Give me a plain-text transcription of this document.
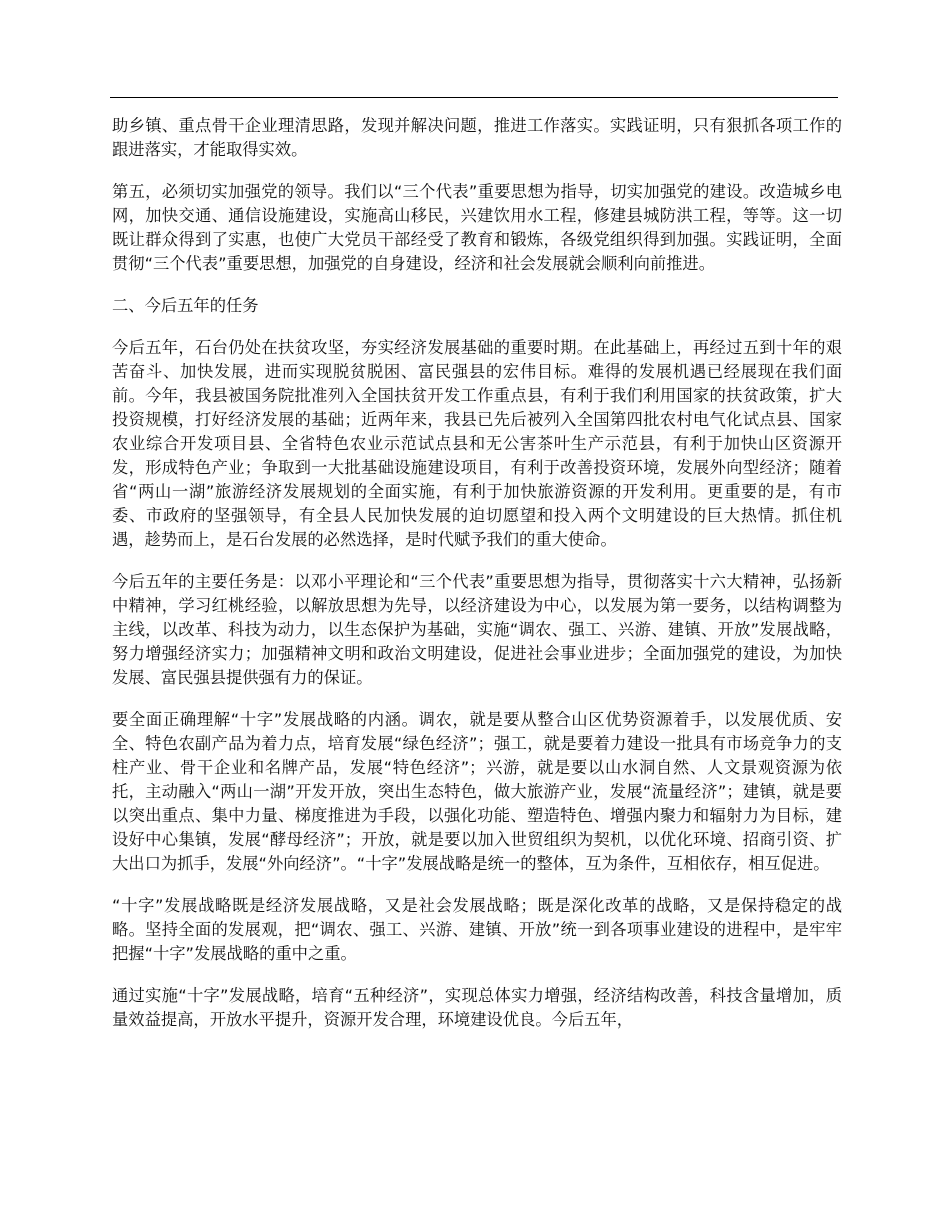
助乡镇、重点骨干企业理清思路，发现并解决问题，推进工作落实。实践证明，只有狠抓各项工作的跟进落实，才能取得实效。

第五，必须切实加强党的领导。我们以“三个代表”重要思想为指导，切实加强党的建设。改造城乡电网，加快交通、通信设施建设，实施高山移民，兴建饮用水工程，修建县城防洪工程，等等。这一切既让群众得到了实惠，也使广大党员干部经受了教育和锻炼，各级党组织得到加强。实践证明，全面贯彻“三个代表”重要思想，加强党的自身建设，经济和社会发展就会顺利向前推进。

二、今后五年的任务

今后五年，石台仍处在扶贫攻坚，夯实经济发展基础的重要时期。在此基础上，再经过五到十年的艰苦奋斗、加快发展，进而实现脱贫脱困、富民强县的宏伟目标。难得的发展机遇已经展现在我们面前。今年，我县被国务院批准列入全国扶贫开发工作重点县，有利于我们利用国家的扶贫政策，扩大投资规模，打好经济发展的基础；近两年来，我县已先后被列入全国第四批农村电气化试点县、国家农业综合开发项目县、全省特色农业示范试点县和无公害茶叶生产示范县，有利于加快山区资源开发，形成特色产业；争取到一大批基础设施建设项目，有利于改善投资环境，发展外向型经济；随着省“两山一湖”旅游经济发展规划的全面实施，有利于加快旅游资源的开发利用。更重要的是，有市委、市政府的坚强领导，有全县人民加快发展的迫切愿望和投入两个文明建设的巨大热情。抓住机遇，趁势而上，是石台发展的必然选择，是时代赋予我们的重大使命。

今后五年的主要任务是：以邓小平理论和“三个代表”重要思想为指导，贯彻落实十六大精神，弘扬新中精神，学习红桃经验，以解放思想为先导，以经济建设为中心，以发展为第一要务，以结构调整为主线，以改革、科技为动力，以生态保护为基础，实施“调农、强工、兴游、建镇、开放”发展战略，努力增强经济实力；加强精神文明和政治文明建设，促进社会事业进步；全面加强党的建设，为加快发展、富民强县提供强有力的保证。

要全面正确理解“十字”发展战略的内涵。调农，就是要从整合山区优势资源着手，以发展优质、安全、特色农副产品为着力点，培育发展“绿色经济”；强工，就是要着力建设一批具有市场竞争力的支柱产业、骨干企业和名牌产品，发展“特色经济”；兴游，就是要以山水洞自然、人文景观资源为依托，主动融入“两山一湖”开发开放，突出生态特色，做大旅游产业，发展“流量经济”；建镇，就是要以突出重点、集中力量、梯度推进为手段，以强化功能、塑造特色、增强内聚力和辐射力为目标，建设好中心集镇，发展“酵母经济”；开放，就是要以加入世贸组织为契机，以优化环境、招商引资、扩大出口为抓手，发展“外向经济”。“十字”发展战略是统一的整体，互为条件，互相依存，相互促进。

“十字”发展战略既是经济发展战略，又是社会发展战略；既是深化改革的战略，又是保持稳定的战略。坚持全面的发展观，把“调农、强工、兴游、建镇、开放”统一到各项事业建设的进程中，是牢牢把握“十字”发展战略的重中之重。

通过实施“十字”发展战略，培育“五种经济”，实现总体实力增强，经济结构改善，科技含量增加，质量效益提高，开放水平提升，资源开发合理，环境建设优良。今后五年，
